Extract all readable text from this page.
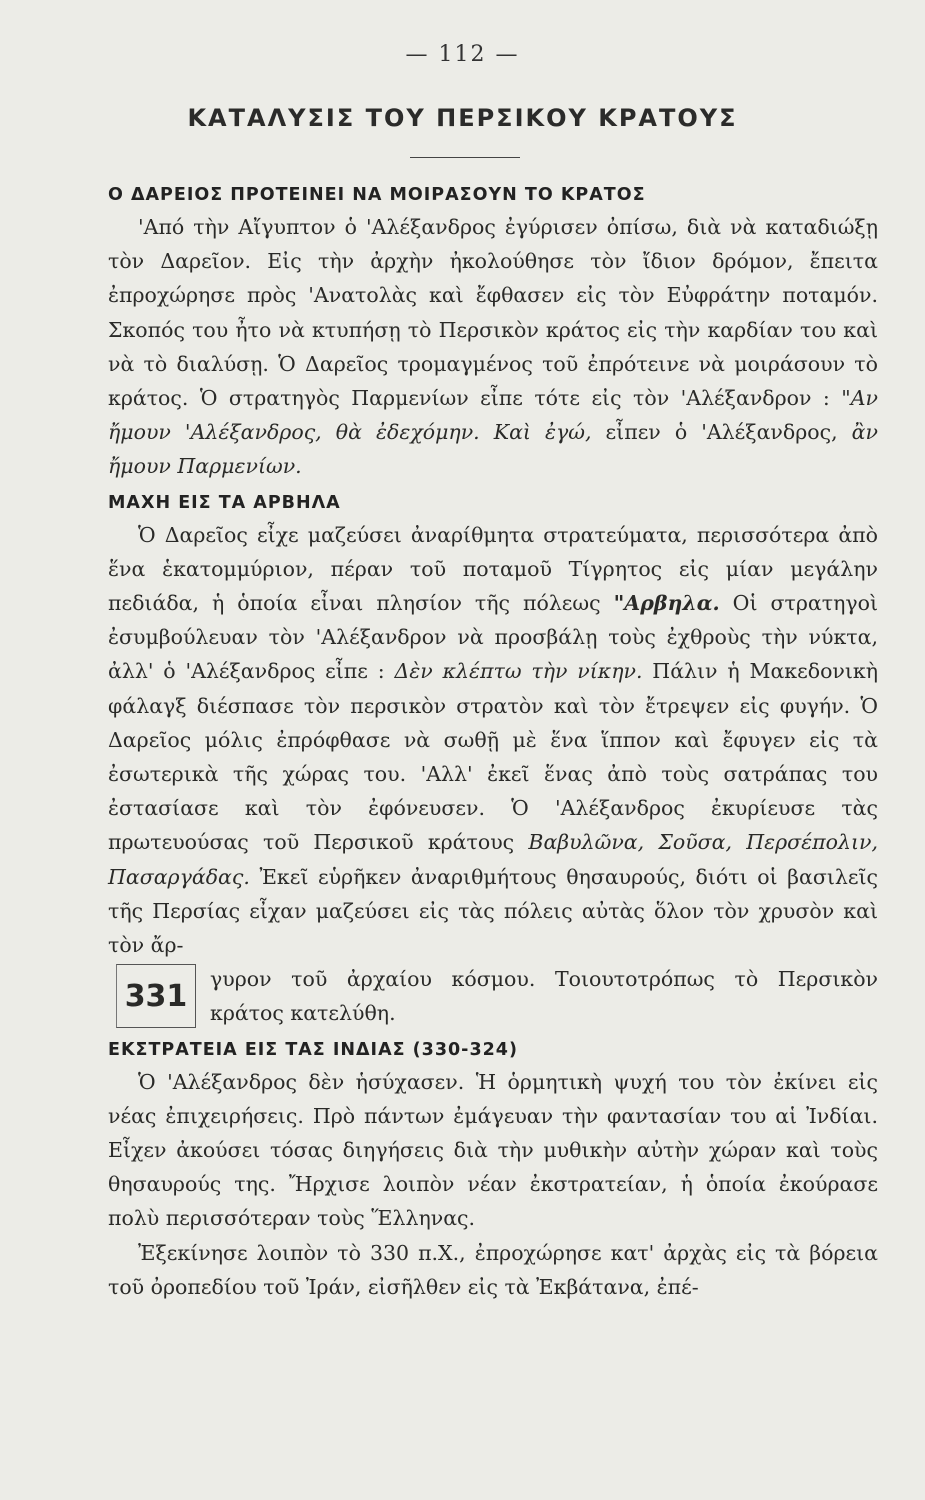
— 112 —
ΚΑΤΑΛΥΣΙΣ ΤΟΥ ΠΕΡΣΙΚΟΥ ΚΡΑΤΟΥΣ
Ο ΔΑΡΕΙΟΣ ΠΡΟΤΕΙΝΕΙ ΝΑ ΜΟΙΡΑΣΟΥΝ ΤΟ ΚΡΑΤΟΣ

'Από τὴν Αἴγυπτον ὁ 'Αλέξανδρος ἐγύρισεν ὀπίσω, διὰ νὰ καταδιώξῃ τὸν Δαρεῖον. Εἰς τὴν ἀρχὴν ἠκολούθησε τὸν ἴδιον δρόμον, ἔπειτα ἐπροχώρησε πρὸς 'Ανατολὰς καὶ ἔφθασεν εἰς τὸν Εὐφράτην ποταμόν. Σκοπός του ἦτο νὰ κτυπήσῃ τὸ Περσικὸν κράτος εἰς τὴν καρδίαν του καὶ νὰ τὸ διαλύσῃ. Ὁ Δαρεῖος τρομαγμένος τοῦ ἐπρότεινε νὰ μοιράσουν τὸ κράτος. Ὁ στρατηγὸς Παρμενίων εἶπε τότε εἰς τὸν 'Αλέξανδρον : "Αν ἤμουν 'Αλέξανδρος, θὰ ἐδεχόμην. Καὶ ἐγώ, εἶπεν ὁ 'Αλέξανδρος, ἂν ἤμουν Παρμενίων.

ΜΑΧΗ ΕΙΣ ΤΑ ΑΡΒΗΛΑ

Ὁ Δαρεῖος εἶχε μαζεύσει ἀναρίθμητα στρατεύματα, περισσότερα ἀπὸ ἕνα ἑκατομμύριον, πέραν τοῦ ποταμοῦ Τίγρητος εἰς μίαν μεγάλην πεδιάδα, ἡ ὁποία εἶναι πλησίον τῆς πόλεως "Αρβηλα. Οἱ στρατηγοὶ ἐσυμβούλευαν τὸν 'Αλέξανδρον νὰ προσβάλῃ τοὺς ἐχθροὺς τὴν νύκτα, ἀλλ' ὁ 'Αλέξανδρος εἶπε : Δὲν κλέπτω τὴν νίκην. Πάλιν ἡ Μακεδονικὴ φάλαγξ διέσπασε τὸν περσικὸν στρατὸν καὶ τὸν ἔτρεψεν εἰς φυγήν. Ὁ Δαρεῖος μόλις ἐπρόφθασε νὰ σωθῇ μὲ ἕνα ἵππον καὶ ἔφυγεν εἰς τὰ ἐσωτερικὰ τῆς χώρας του. 'Αλλ' ἐκεῖ ἕνας ἀπὸ τοὺς σατράπας του ἐστασίασε καὶ τὸν ἐφόνευσεν. Ὁ 'Αλέξανδρος ἐκυρίευσε τὰς πρωτευούσας τοῦ Περσικοῦ κράτους Βαβυλῶνα, Σοῦσα, Περσέπολιν, Πασαργάδας. Ἐκεῖ εὑρῆκεν ἀναριθμήτους θησαυρούς, διότι οἱ βασιλεῖς τῆς Περσίας εἶχαν μαζεύσει εἰς τὰς πόλεις αὐτὰς ὅλον τὸν χρυσὸν καὶ τὸν ἄρ-

331	γυρον τοῦ ἀρχαίου κόσμου. Τοιουτοτρόπως τὸ Περσικὸν κράτος κατελύθη.

ΕΚΣΤΡΑΤΕΙΑ ΕΙΣ ΤΑΣ ΙΝΔΙΑΣ (330-324)

Ὁ 'Αλέξανδρος δὲν ἡσύχασεν. Ἡ ὁρμητικὴ ψυχή του τὸν ἐκίνει εἰς νέας ἐπιχειρήσεις. Πρὸ πάντων ἐμάγευαν τὴν φαντασίαν του αἱ Ἰνδίαι. Εἶχεν ἀκούσει τόσας διηγήσεις διὰ τὴν μυθικὴν αὐτὴν χώραν καὶ τοὺς θησαυρούς της. Ἤρχισε λοιπὸν νέαν ἐκστρατείαν, ἡ ὁποία ἐκούρασε πολὺ περισσότεραν τοὺς Ἕλληνας.

Ἐξεκίνησε λοιπὸν τὸ 330 π.Χ., ἐπροχώρησε κατ' ἀρχὰς εἰς τὰ βόρεια τοῦ ὀροπεδίου τοῦ Ἰράν, εἰσῆλθεν εἰς τὰ Ἐκβάτανα, ἐπέ-
